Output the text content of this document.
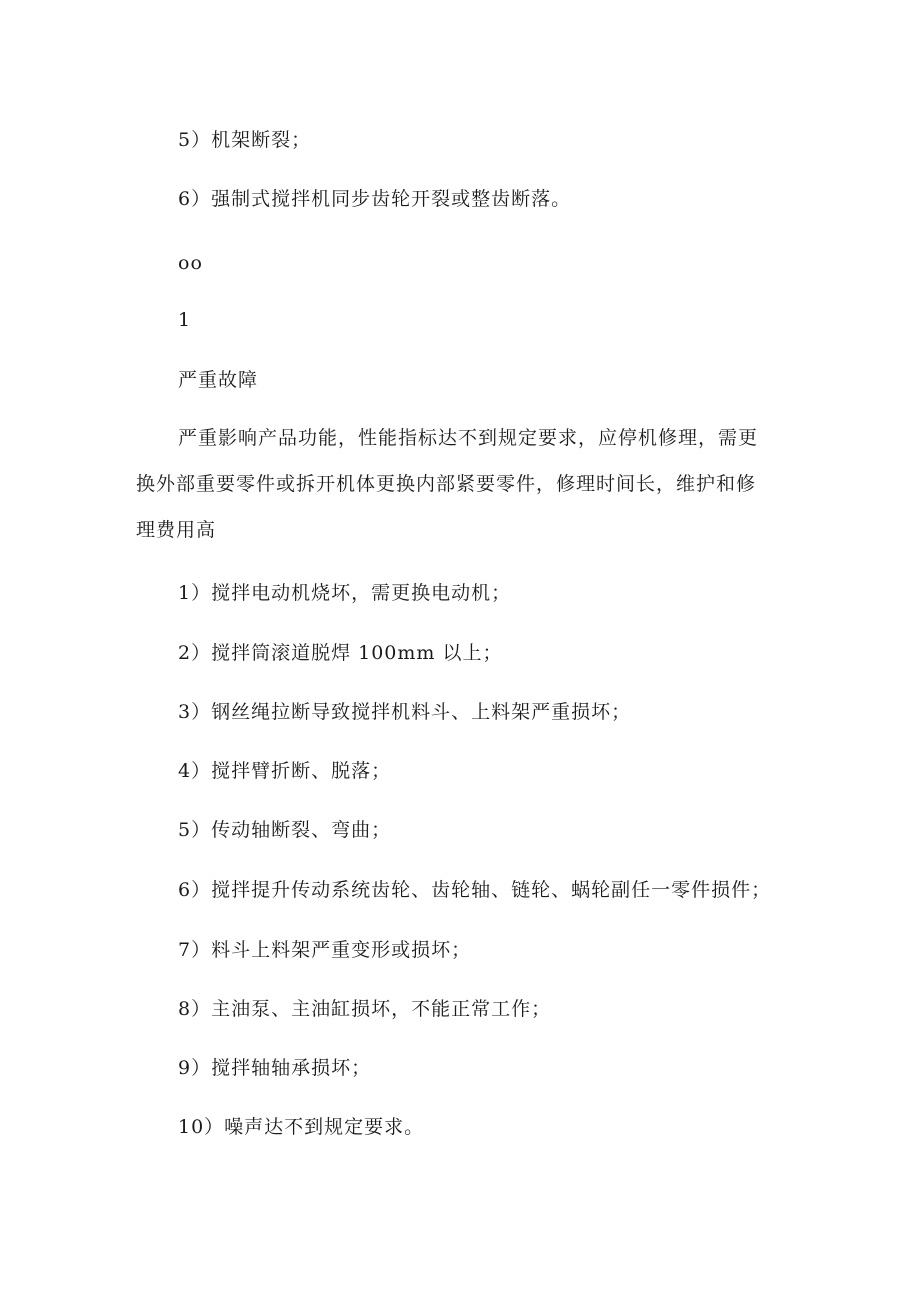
5）机架断裂；
6）强制式搅拌机同步齿轮开裂或整齿断落。
oo
1
严重故障
严重影响产品功能，性能指标达不到规定要求，应停机修理，需更
换外部重要零件或拆开机体更换内部紧要零件，修理时间长，维护和修
理费用高
1）搅拌电动机烧坏，需更换电动机；
2）搅拌筒滚道脱焊 100mm 以上；
3）钢丝绳拉断导致搅拌机料斗、上料架严重损坏；
4）搅拌臂折断、脱落；
5）传动轴断裂、弯曲；
6）搅拌提升传动系统齿轮、齿轮轴、链轮、蜗轮副任一零件损件；
7）料斗上料架严重变形或损坏；
8）主油泵、主油缸损坏，不能正常工作；
9）搅拌轴轴承损坏；
10）噪声达不到规定要求。
